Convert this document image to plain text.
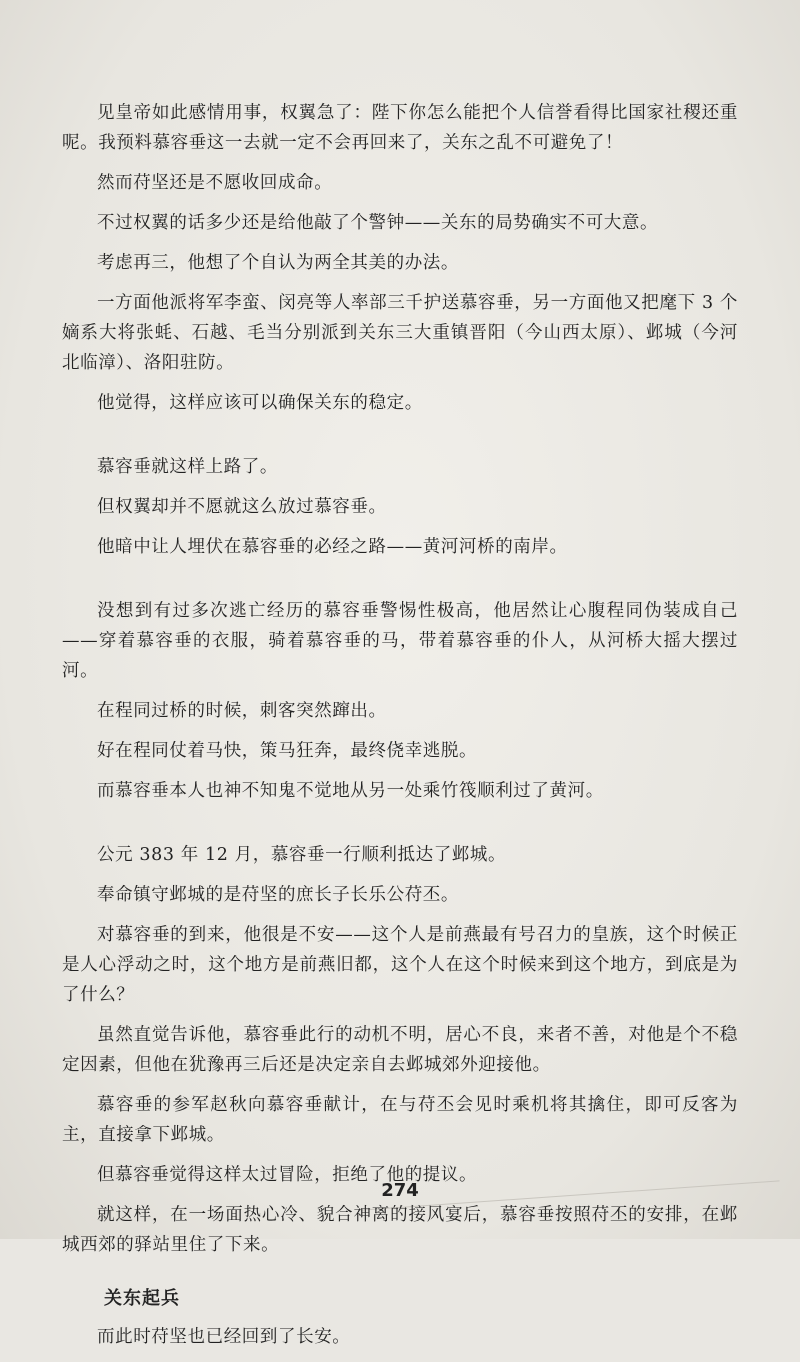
见皇帝如此感情用事，权翼急了：陛下你怎么能把个人信誉看得比国家社稷还重呢。我预料慕容垂这一去就一定不会再回来了，关东之乱不可避免了！

然而苻坚还是不愿收回成命。

不过权翼的话多少还是给他敲了个警钟——关东的局势确实不可大意。

考虑再三，他想了个自认为两全其美的办法。

一方面他派将军李蛮、闵亮等人率部三千护送慕容垂，另一方面他又把麾下 3 个嫡系大将张蚝、石越、毛当分别派到关东三大重镇晋阳（今山西太原）、邺城（今河北临漳）、洛阳驻防。

他觉得，这样应该可以确保关东的稳定。

慕容垂就这样上路了。

但权翼却并不愿就这么放过慕容垂。

他暗中让人埋伏在慕容垂的必经之路——黄河河桥的南岸。

没想到有过多次逃亡经历的慕容垂警惕性极高，他居然让心腹程同伪装成自己——穿着慕容垂的衣服，骑着慕容垂的马，带着慕容垂的仆人，从河桥大摇大摆过河。

在程同过桥的时候，刺客突然蹿出。

好在程同仗着马快，策马狂奔，最终侥幸逃脱。

而慕容垂本人也神不知鬼不觉地从另一处乘竹筏顺利过了黄河。

公元 383 年 12 月，慕容垂一行顺利抵达了邺城。

奉命镇守邺城的是苻坚的庶长子长乐公苻丕。

对慕容垂的到来，他很是不安——这个人是前燕最有号召力的皇族，这个时候正是人心浮动之时，这个地方是前燕旧都，这个人在这个时候来到这个地方，到底是为了什么？

虽然直觉告诉他，慕容垂此行的动机不明，居心不良，来者不善，对他是个不稳定因素，但他在犹豫再三后还是决定亲自去邺城郊外迎接他。

慕容垂的参军赵秋向慕容垂献计，在与苻丕会见时乘机将其擒住，即可反客为主，直接拿下邺城。

但慕容垂觉得这样太过冒险，拒绝了他的提议。

就这样，在一场面热心冷、貌合神离的接风宴后，慕容垂按照苻丕的安排，在邺城西郊的驿站里住了下来。

关东起兵

而此时苻坚也已经回到了长安。

274
